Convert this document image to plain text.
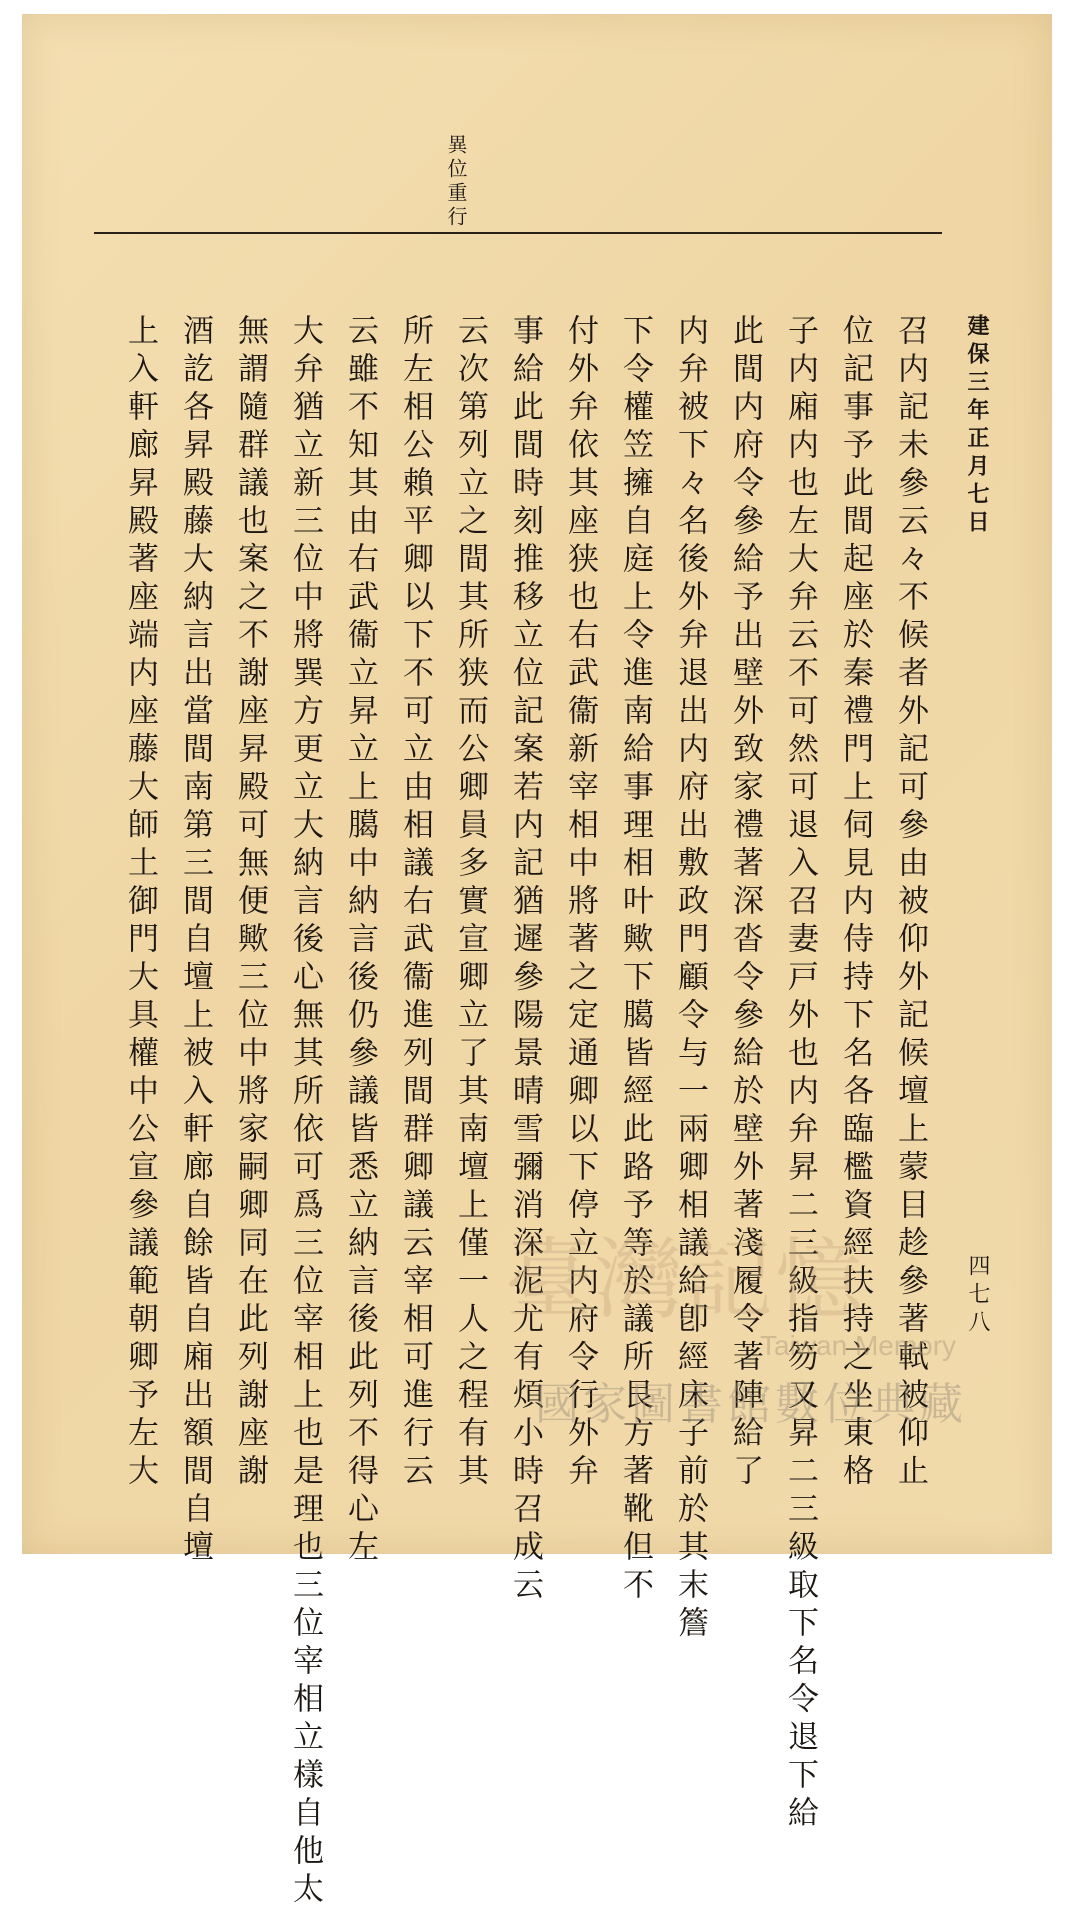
異位重行
建保三年正月七日
四七八
召内記未參云々不候者外記可參由被仰外記候壇上蒙目趁參著軾被仰止
位記事予此間起座於秦禮門上伺見内侍持下名各臨檻資經扶持之坐東格
子内廂内也左大弁云不可然可退入召妻戸外也内弁昇二三級指笏又昇二三級取下名令退下給
此間内府令參給予出壁外致家禮著深沓令參給於壁外著淺履令著陣給了
内弁被下々名後外弁退出内府出敷政門顧令与一兩卿相議給卽經床子前於其末簷
下令權笠擁自庭上令進南給事理相叶歟下臈皆經此路予等於議所艮方著靴但不
付外弁依其座狭也右武衞新宰相中將著之定通卿以下停立内府令行外弁
事給此間時刻推移立位記案若内記猶遲參陽景晴雪彌消深泥尤有煩小時召成云
云次第列立之間其所狭而公卿員多實宣卿立了其南壇上僅一人之程有其
所左相公賴平卿以下不可立由相議右武衞進列間群卿議云宰相可進行云
云雖不知其由右武衞立昇立上臈中納言後仍參議皆悉立納言後此列不得心左
大弁猶立新三位中將巽方更立大納言後心無其所依可爲三位宰相上也是理也三位宰相立樣自他太
無謂隨群議也案之不謝座昇殿可無便歟三位中將家嗣卿同在此列謝座謝
酒訖各昇殿藤大納言出當間南第三間自壇上被入軒廊自餘皆自廂出額間自壇
上入軒廊昇殿著座端内座藤大師土御門大具權中公宣參議範朝卿予左大	臺灣記憶
Taiwan Memory
國家圖書館數位典藏
